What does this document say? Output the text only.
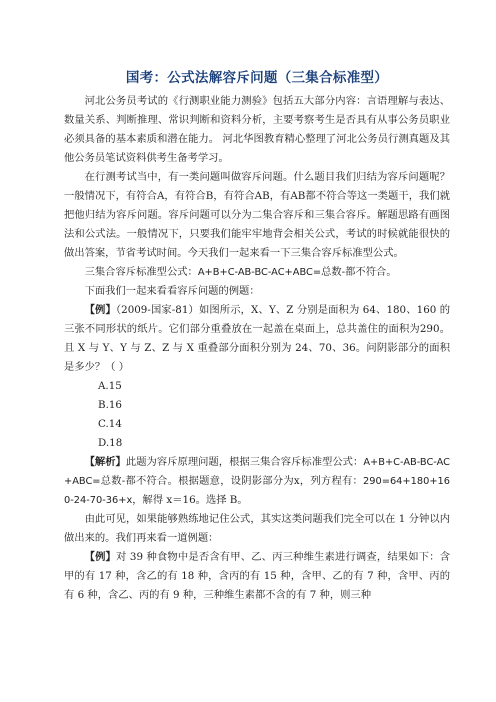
国考：公式法解容斥问题（三集合标准型）

河北公务员考试的《行测职业能力测验》包括五大部分内容：言语理解与表达、数量关系、判断推理、常识判断和资料分析，主要考察考生是否具有从事公务员职业必须具备的基本素质和潜在能力。 河北华图教育精心整理了河北公务员行测真题及其他公务员笔试资料供考生备考学习。

在行测考试当中，有一类问题叫做容斥问题。什么题目我们归结为容斥问题呢？一般情况下，有符合A，有符合B，有符合AB，有AB都不符合等这一类题干，我们就把他归结为容斥问题。容斥问题可以分为二集合容斥和三集合容斥。解题思路有画图法和公式法。一般情况下，只要我们能牢牢地背会相关公式，考试的时候就能很快的做出答案，节省考试时间。今天我们一起来看一下三集合容斥标准型公式。

三集合容斥标准型公式：A+B+C-AB-BC-AC+ABC=总数-都不符合。

下面我们一起来看看容斥问题的例题：

【例】（2009-国家-81）如图所示，X、Y、Z 分别是面积为 64、180、160 的三张不同形状的纸片。它们部分重叠放在一起盖在桌面上，总共盖住的面积为290。且 X 与 Y、Y 与 Z、Z 与 X 重叠部分面积分别为 24、70、36。问阴影部分的面积是多少？（ ）

A.15

B.16

C.14

D.18

【解析】此题为容斥原理问题，根据三集合容斥标准型公式：A+B+C-AB-BC-AC+ABC=总数-都不符合。根据题意，设阴影部分为x，列方程有：290=64+180+160-24-70-36+x，解得 x＝16。选择 B。

由此可见，如果能够熟练地记住公式，其实这类问题我们完全可以在 1 分钟以内做出来的。我们再来看一道例题：

【例】对 39 种食物中是否含有甲、乙、丙三种维生素进行调查，结果如下：含甲的有 17 种，含乙的有 18 种，含丙的有 15 种，含甲、乙的有 7 种，含甲、丙的有 6 种，含乙、丙的有 9 种，三种维生素都不含的有 7 种，则三种
